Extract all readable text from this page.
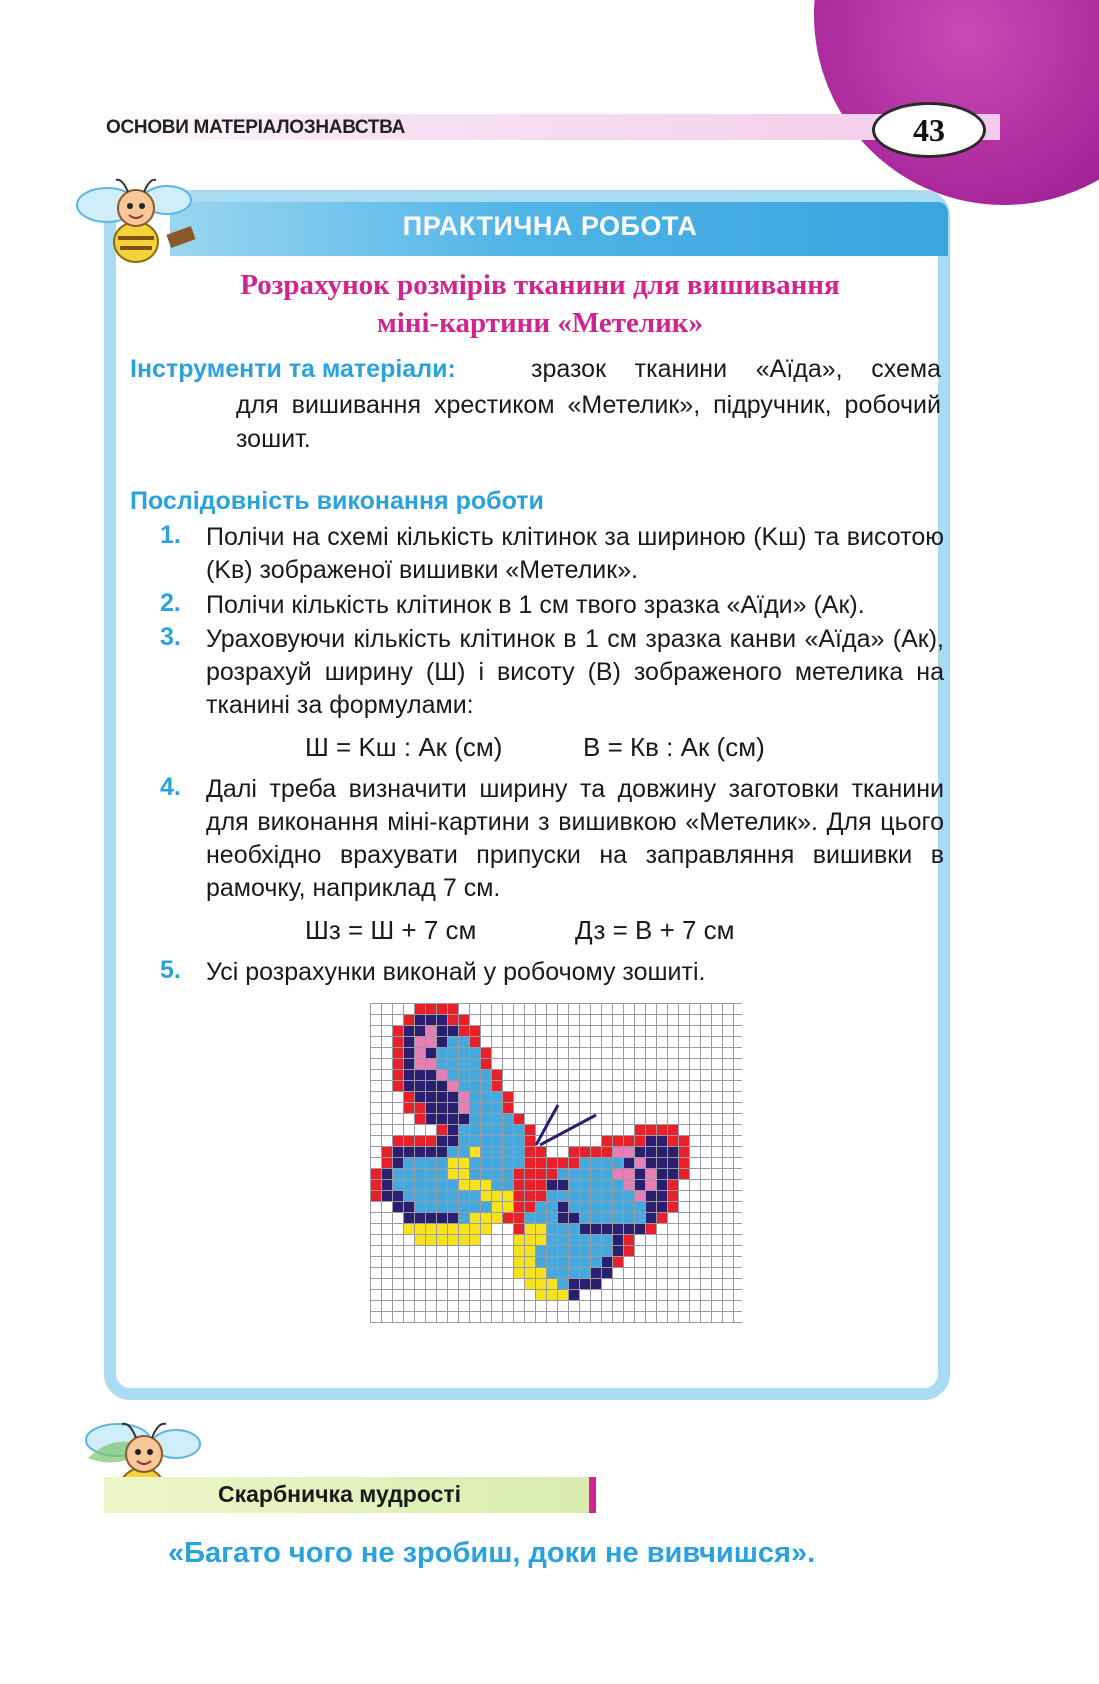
ОСНОВИ МАТЕРІАЛОЗНАВСТВА	43
ПРАКТИЧНА РОБОТА
Розрахунок розмірів тканини для вишивання
міні-картини «Метелик»
Інструменти та матеріали:	зразок тканини «Аїда», схема
для вишивання хрестиком «Метелик», підручник, робочий зошит.
Послідовність виконання роботи
1.	Полічи на схемі кількість клітинок за шириною (Kш) та висотою (Kв) зображеної вишивки «Метелик».
2.	Полічи кількість клітинок в 1 см твого зразка «Аїди» (Ак).
3.	Ураховуючи кількість клітинок в 1 см зразка канви «Аїда» (Ак), розрахуй ширину (Ш) і висоту (В) зображеного метелика на тканині за формулами:
Ш = Kш : Ак (см)	В = Кв : Ак (см)
4.	Далі треба визначити ширину та довжину заготовки тканини для виконання міні-картини з вишивкою «Метелик». Для цього необхідно врахувати припуски на заправляння вишивки в рамочку, наприклад 7 см.
Шз = Ш + 7 см	Дз = В + 7 см
5.	Усі розрахунки виконай у робочому зошиті.
Скарбничка мудрості
«Багато чого не зробиш, доки не вивчишся».
